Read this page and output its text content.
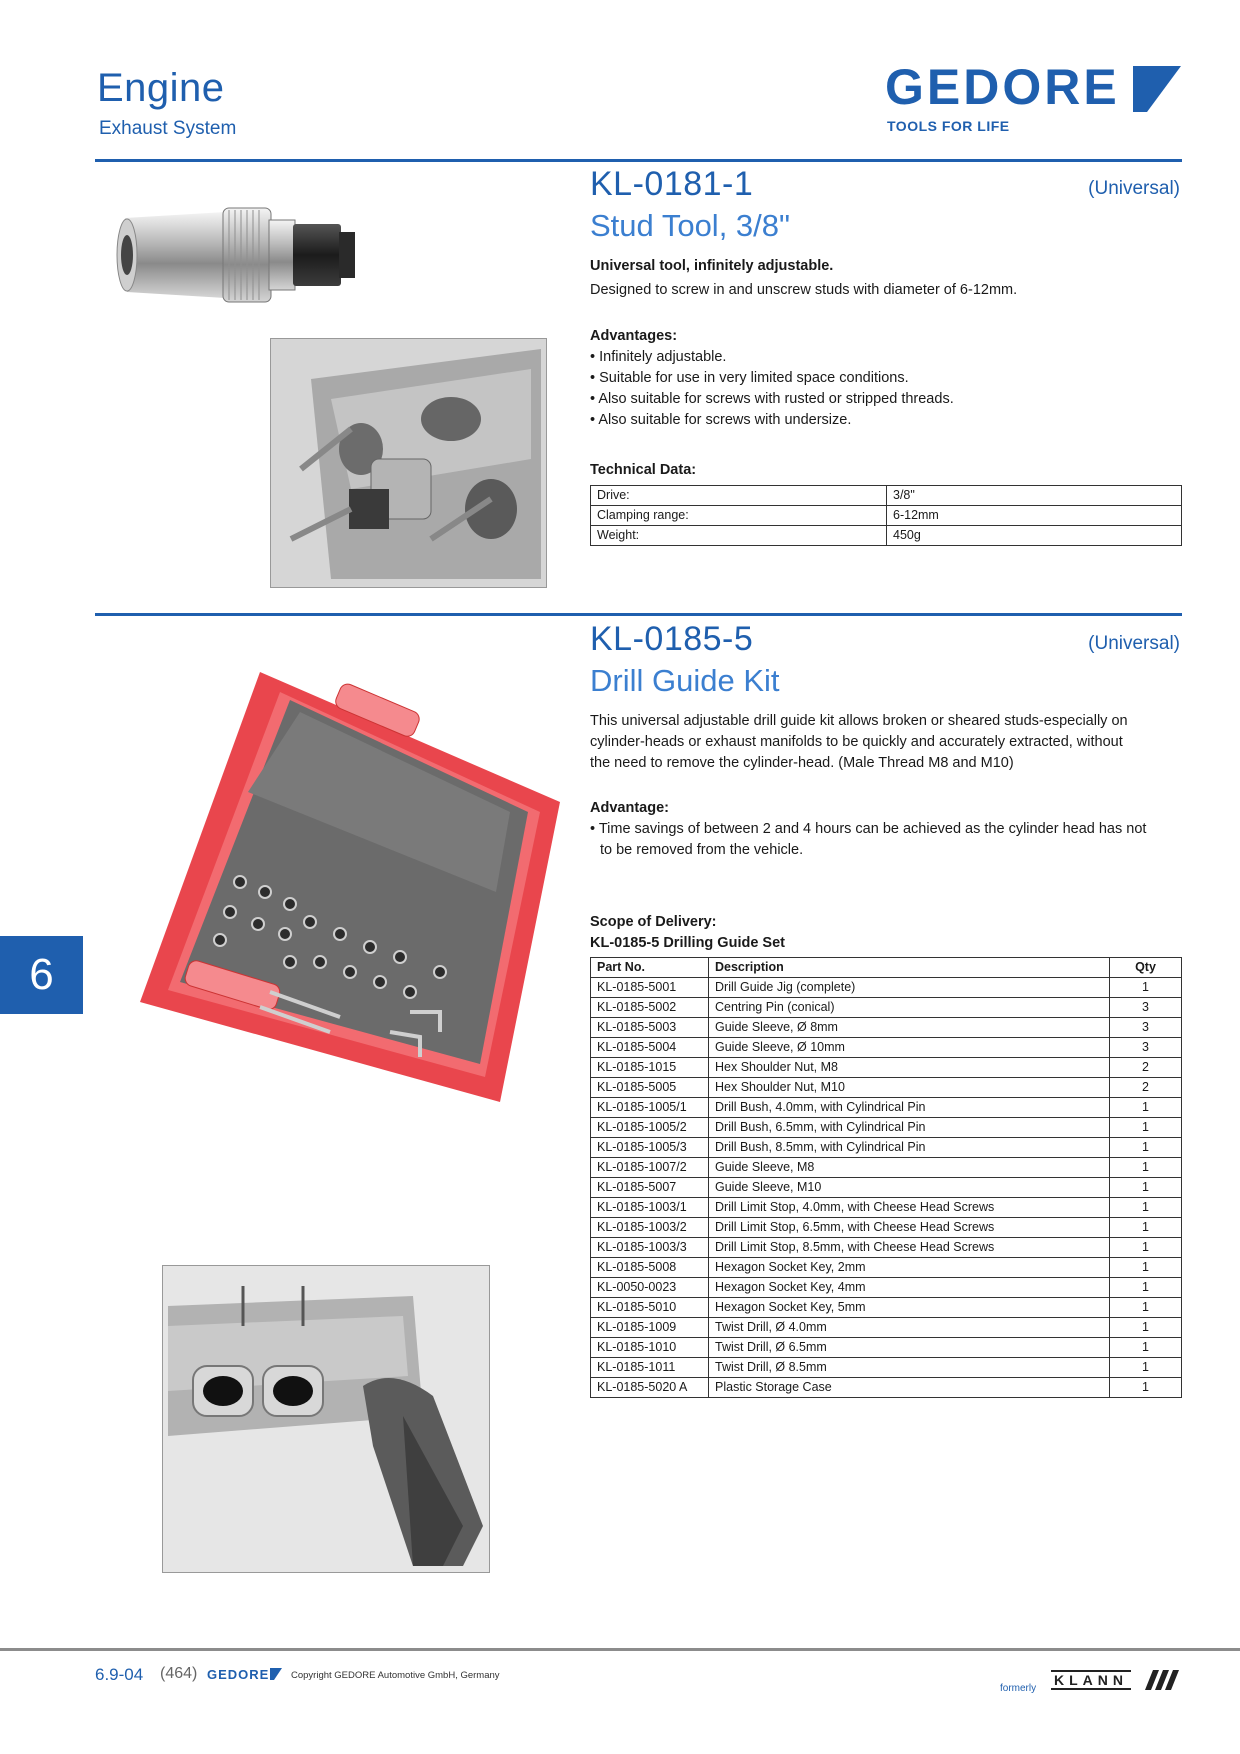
Engine
Exhaust System
GEDORE
TOOLS FOR LIFE
KL-0181-1	(Universal)
Stud Tool, 3/8"
Universal tool, infinitely adjustable.
Designed to screw in and unscrew studs with diameter of 6-12mm.
Advantages:
• Infinitely adjustable.
• Suitable for use in very limited space conditions.
• Also suitable for screws with rusted or stripped threads.
• Also suitable for screws with undersize.
Technical Data:
Drive:	3/8"
Clamping range:	6-12mm
Weight:	450g
KL-0185-5	(Universal)
Drill Guide Kit
This universal adjustable drill guide kit allows broken or sheared studs-especially on
cylinder-heads or exhaust manifolds to be quickly and accurately extracted, without
the need to remove the cylinder-head. (Male Thread M8 and M10)
Advantage:
• Time savings of between 2 and 4 hours can be achieved as the cylinder head has not
to be removed from the vehicle.
Scope of Delivery:
KL-0185-5 Drilling Guide Set
Part No.	Description	Qty
KL-0185-5001	Drill Guide Jig (complete)	1
KL-0185-5002	Centring Pin (conical)	3
KL-0185-5003	Guide Sleeve, Ø 8mm	3
KL-0185-5004	Guide Sleeve, Ø 10mm	3
KL-0185-1015	Hex Shoulder Nut, M8	2
KL-0185-5005	Hex Shoulder Nut, M10	2
KL-0185-1005/1	Drill Bush, 4.0mm, with Cylindrical Pin	1
KL-0185-1005/2	Drill Bush, 6.5mm, with Cylindrical Pin	1
KL-0185-1005/3	Drill Bush, 8.5mm, with Cylindrical Pin	1
KL-0185-1007/2	Guide Sleeve, M8	1
KL-0185-5007	Guide Sleeve, M10	1
KL-0185-1003/1	Drill Limit Stop, 4.0mm, with Cheese Head Screws	1
KL-0185-1003/2	Drill Limit Stop, 6.5mm, with Cheese Head Screws	1
KL-0185-1003/3	Drill Limit Stop, 8.5mm, with Cheese Head Screws	1
KL-0185-5008	Hexagon Socket Key, 2mm	1
KL-0050-0023	Hexagon Socket Key, 4mm	1
KL-0185-5010	Hexagon Socket Key, 5mm	1
KL-0185-1009	Twist Drill, Ø 4.0mm	1
KL-0185-1010	Twist Drill, Ø 6.5mm	1
KL-0185-1011	Twist Drill, Ø 8.5mm	1
KL-0185-5020 A	Plastic Storage Case	1
6
6.9-04 (464) GEDORE Copyright GEDORE Automotive GmbH, Germany
formerly
KLANN
